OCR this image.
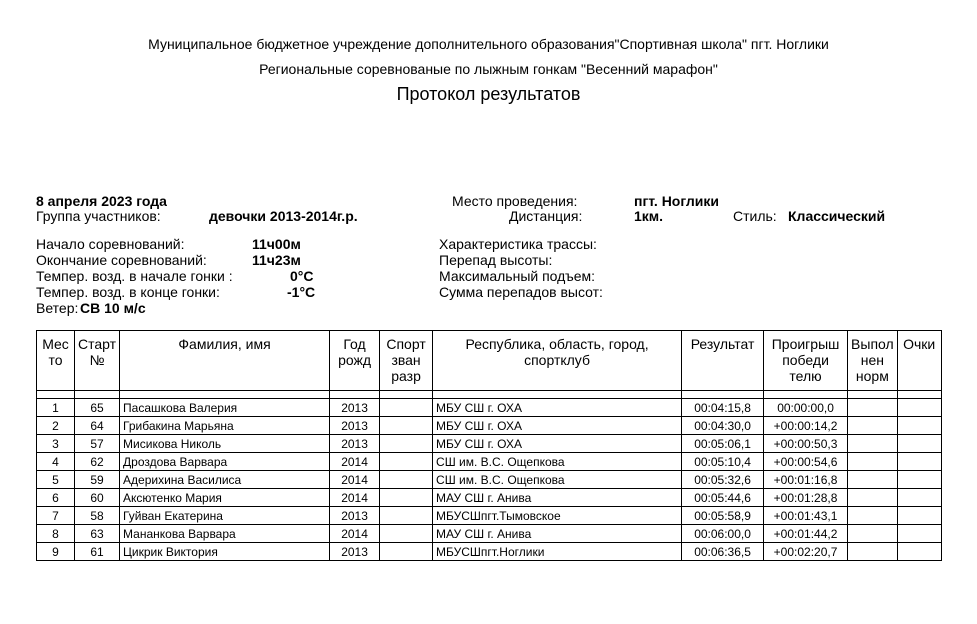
Муниципальное бюджетное учреждение дополнительного образования"Спортивная школа" пгт. Ноглики
Региональные соревнованые по лыжным гонкам "Весенний марафон"
Протокол результатов
8 апреля 2023 года
Группа участников:	девочки 2013-2014г.р.
Начало соревнований:	11ч00м
Окончание соревнований:	11ч23м
Темпер. возд. в начале гонки :	0°C
Темпер. возд. в конце гонки:	-1°C
Ветер: СВ 10 м/с
Место проведения:	пгт. Ноглики
Дистанция:	1км.	Стиль: Классический
Характеристика трассы:
Перепад высоты:
Максимальный подъем:
Сумма перепадов высот:
Мес то	Старт №	Фамилия, имя	Год рожд	Спорт зван разр	Республика, область, город, спортклуб	Результат	Проигрыш победи телю	Выпол нен норм	Очки

1	65	Пасашкова Валерия	2013		МБУ СШ г. ОХА	00:04:15,8	00:00:00,0		
2	64	Грибакина Марьяна	2013		МБУ СШ г. ОХА	00:04:30,0	+00:00:14,2		
3	57	Мисикова Николь	2013		МБУ СШ г. ОХА	00:05:06,1	+00:00:50,3		
4	62	Дроздова Варвара	2014		СШ им. В.С. Ощепкова	00:05:10,4	+00:00:54,6		
5	59	Адерихина Василиса	2014		СШ им. В.С. Ощепкова	00:05:32,6	+00:01:16,8		
6	60	Аксютенко Мария	2014		МАУ СШ г. Анива	00:05:44,6	+00:01:28,8		
7	58	Гуйван Екатерина	2013		МБУСШпгт.Тымовское	00:05:58,9	+00:01:43,1		
8	63	Мананкова Варвара	2014		МАУ СШ г. Анива	00:06:00,0	+00:01:44,2		
9	61	Цикрик Виктория	2013		МБУСШпгт.Ноглики	00:06:36,5	+00:02:20,7		
